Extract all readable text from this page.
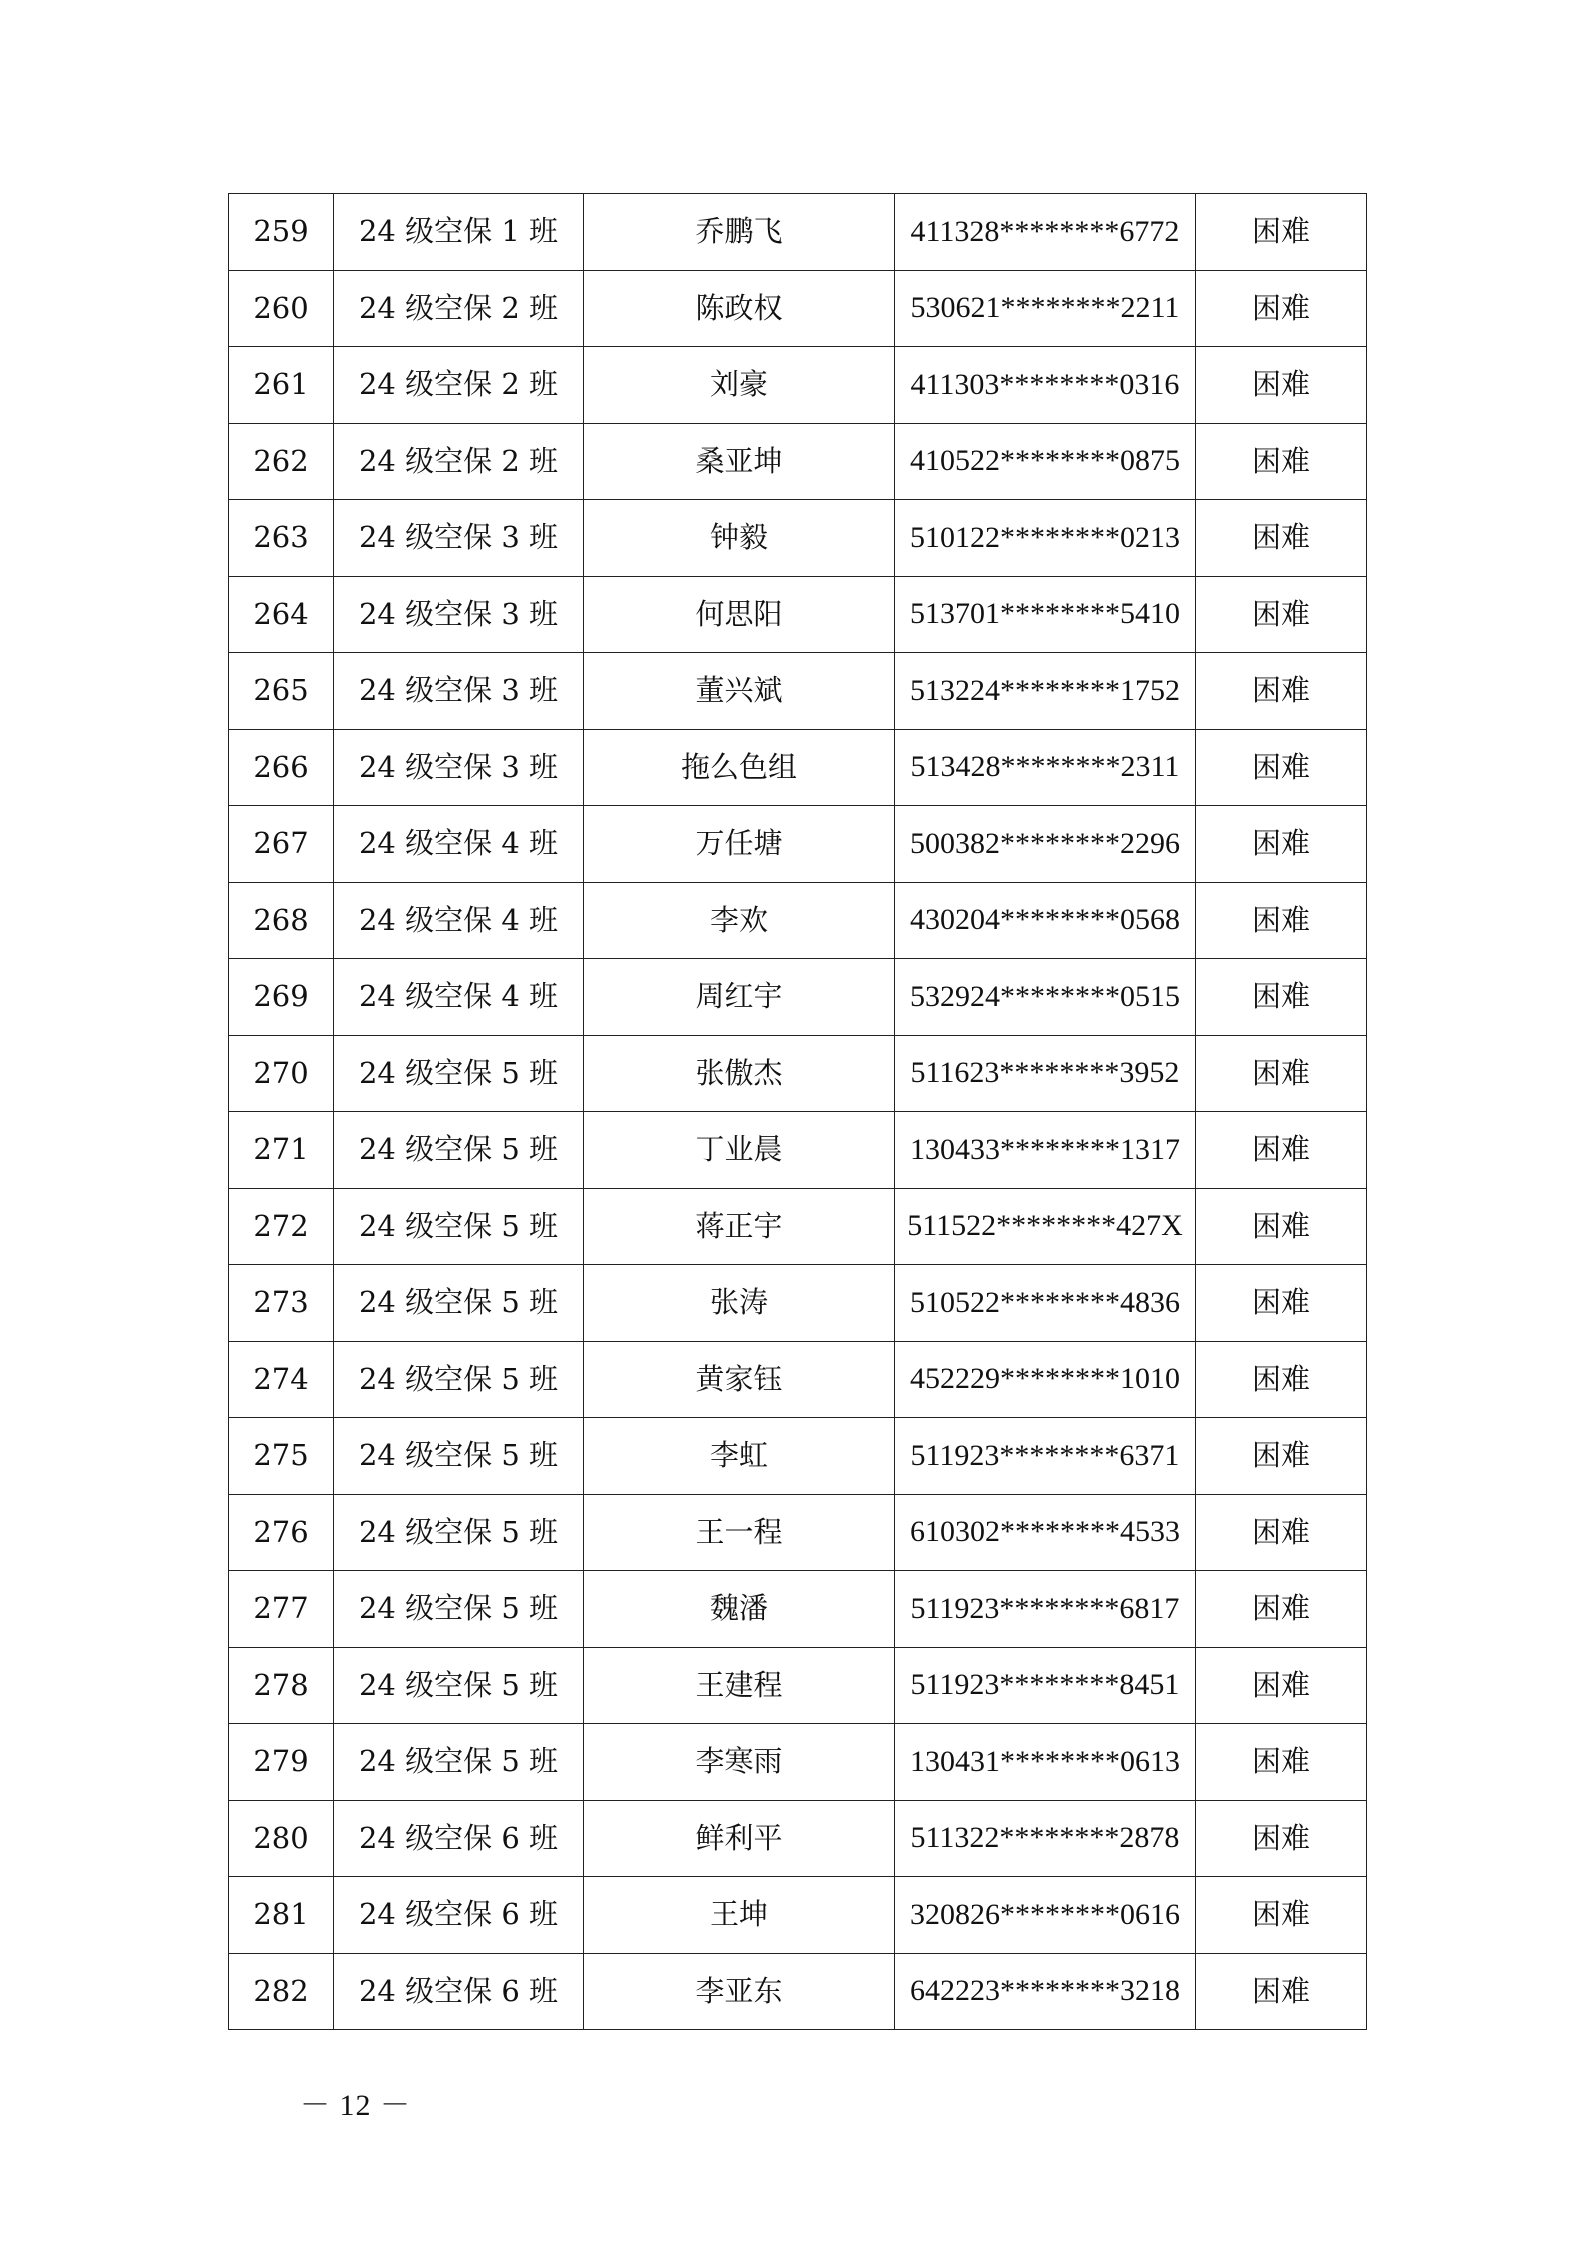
259	24 级空保 1 班	乔鹏飞	411328********6772	困难
260	24 级空保 2 班	陈政权	530621********2211	困难
261	24 级空保 2 班	刘豪	411303********0316	困难
262	24 级空保 2 班	桑亚坤	410522********0875	困难
263	24 级空保 3 班	钟毅	510122********0213	困难
264	24 级空保 3 班	何思阳	513701********5410	困难
265	24 级空保 3 班	董兴斌	513224********1752	困难
266	24 级空保 3 班	拖么色组	513428********2311	困难
267	24 级空保 4 班	万任塘	500382********2296	困难
268	24 级空保 4 班	李欢	430204********0568	困难
269	24 级空保 4 班	周红宇	532924********0515	困难
270	24 级空保 5 班	张傲杰	511623********3952	困难
271	24 级空保 5 班	丁业晨	130433********1317	困难
272	24 级空保 5 班	蒋正宇	511522********427X	困难
273	24 级空保 5 班	张涛	510522********4836	困难
274	24 级空保 5 班	黄家钰	452229********1010	困难
275	24 级空保 5 班	李虹	511923********6371	困难
276	24 级空保 5 班	王一程	610302********4533	困难
277	24 级空保 5 班	魏潘	511923********6817	困难
278	24 级空保 5 班	王建程	511923********8451	困难
279	24 级空保 5 班	李寒雨	130431********0613	困难
280	24 级空保 6 班	鲜利平	511322********2878	困难
281	24 级空保 6 班	王坤	320826********0616	困难
282	24 级空保 6 班	李亚东	642223********3218	困难
－ 12 －
